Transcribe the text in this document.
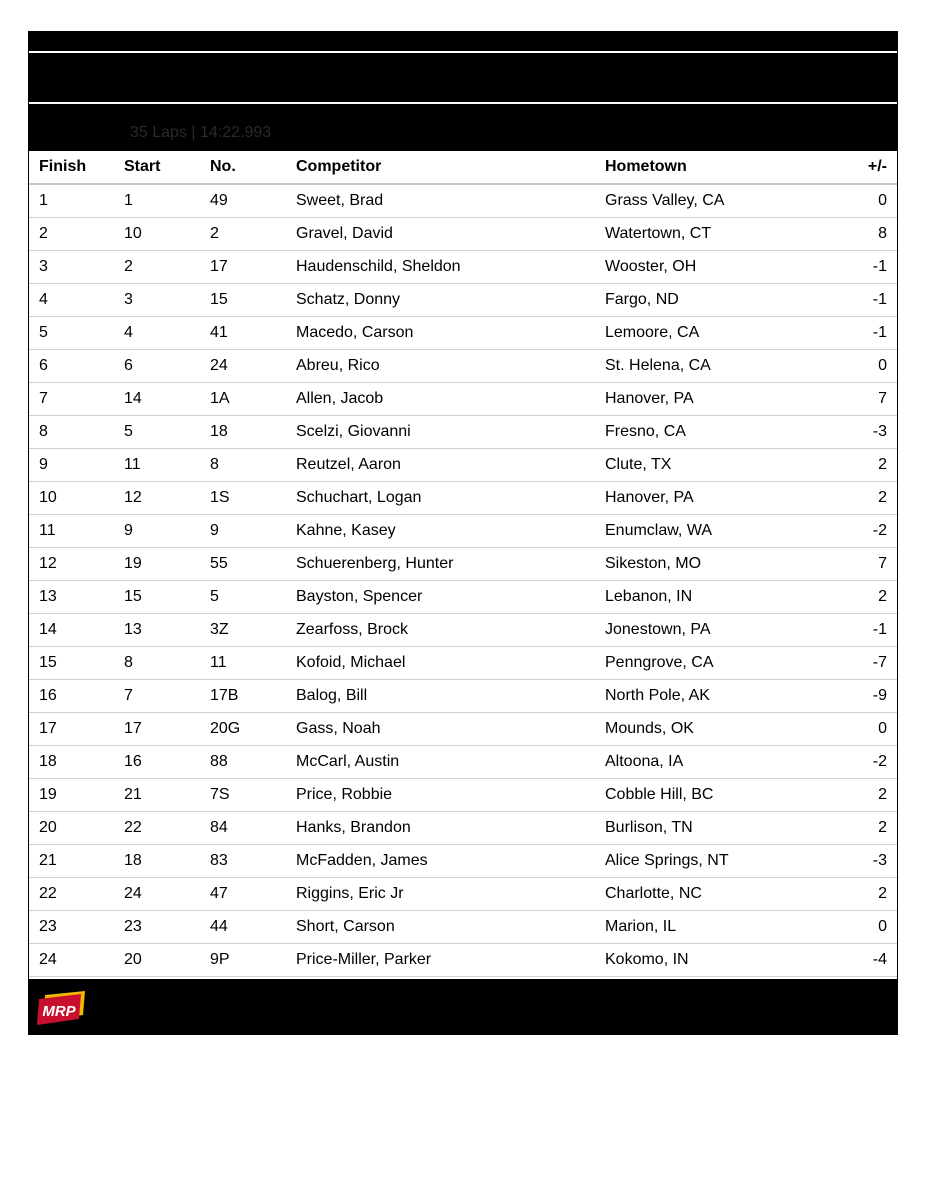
35 Laps | 14:22.993
Finish	Start	No.	Competitor	Hometown	+/-
1	1	49	Sweet, Brad	Grass Valley, CA	0
2	10	2	Gravel, David	Watertown, CT	8
3	2	17	Haudenschild, Sheldon	Wooster, OH	-1
4	3	15	Schatz, Donny	Fargo, ND	-1
5	4	41	Macedo, Carson	Lemoore, CA	-1
6	6	24	Abreu, Rico	St. Helena, CA	0
7	14	1A	Allen, Jacob	Hanover, PA	7
8	5	18	Scelzi, Giovanni	Fresno, CA	-3
9	11	8	Reutzel, Aaron	Clute, TX	2
10	12	1S	Schuchart, Logan	Hanover, PA	2
11	9	9	Kahne, Kasey	Enumclaw, WA	-2
12	19	55	Schuerenberg, Hunter	Sikeston, MO	7
13	15	5	Bayston, Spencer	Lebanon, IN	2
14	13	3Z	Zearfoss, Brock	Jonestown, PA	-1
15	8	11	Kofoid, Michael	Penngrove, CA	-7
16	7	17B	Balog, Bill	North Pole, AK	-9
17	17	20G	Gass, Noah	Mounds, OK	0
18	16	88	McCarl, Austin	Altoona, IA	-2
19	21	7S	Price, Robbie	Cobble Hill, BC	2
20	22	84	Hanks, Brandon	Burlison, TN	2
21	18	83	McFadden, James	Alice Springs, NT	-3
22	24	47	Riggins, Eric Jr	Charlotte, NC	2
23	23	44	Short, Carson	Marion, IL	0
24	20	9P	Price-Miller, Parker	Kokomo, IN	-4
MRP
